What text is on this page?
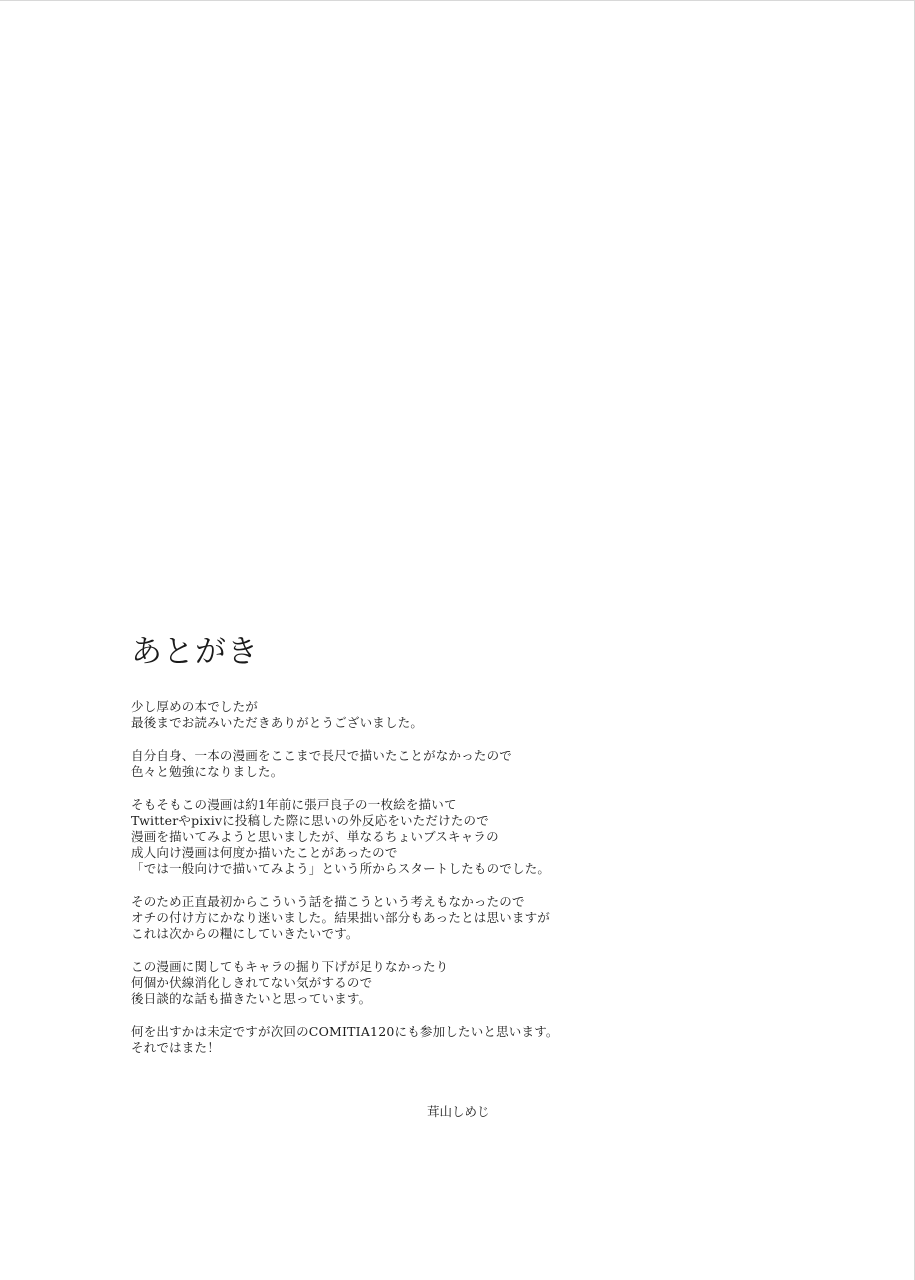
あとがき

少し厚めの本でしたが
最後までお読みいただきありがとうございました。

自分自身、一本の漫画をここまで長尺で描いたことがなかったので
色々と勉強になりました。

そもそもこの漫画は約1年前に張戸良子の一枚絵を描いて
Twitterやpixivに投稿した際に思いの外反応をいただけたので
漫画を描いてみようと思いましたが、単なるちょいブスキャラの
成人向け漫画は何度か描いたことがあったので
「では一般向けで描いてみよう」という所からスタートしたものでした。

そのため正直最初からこういう話を描こうという考えもなかったので
オチの付け方にかなり迷いました。結果拙い部分もあったとは思いますが
これは次からの糧にしていきたいです。

この漫画に関してもキャラの掘り下げが足りなかったり
何個か伏線消化しきれてない気がするので
後日談的な話も描きたいと思っています。

何を出すかは未定ですが次回のCOMITIA120にも参加したいと思います。
それではまた！

茸山しめじ
